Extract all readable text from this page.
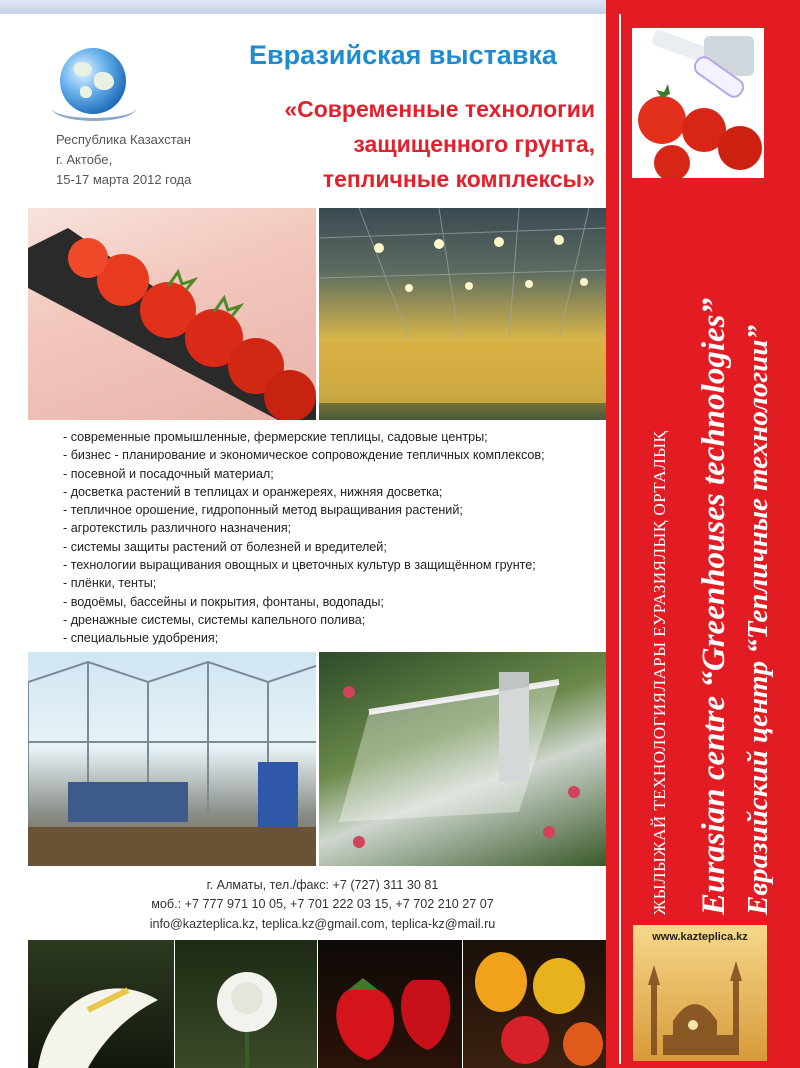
Республика Казахстан
г. Актобе,
15-17 марта 2012 года
Евразийская выставка
«Современные технологии
защищенного грунта,
тепличные комплексы»
- современные промышленные, фермерские теплицы, садовые центры;
- бизнес - планирование и экономическое сопровождение тепличных комплексов;
- посевной и посадочный материал;
- досветка растений в теплицах и оранжереях, нижняя досветка;
- тепличное орошение, гидропонный метод выращивания растений;
- агротекстиль различного назначения;
- системы защиты растений от болезней и вредителей;
- технологии выращивания овощных и цветочных культур в защищённом грунте;
- плёнки, тенты;
- водоёмы, бассейны и покрытия, фонтаны, водопады;
- дренажные системы, системы капельного полива;
- специальные удобрения;
г. Алматы, тел./факс: +7 (727) 311 30 81
моб.: +7 777 971 10 05, +7 701 222 03 15, +7 702 210 27 07
info@kazteplica.kz, teplica.kz@gmail.com, teplica-kz@mail.ru
ЖЫЛЫЖАЙ ТЕХНОЛОГИЯЛАРЫ ЕУРАЗИЯЛЫҚ ОРТАЛЫҚ Eurasian centre “Greenhouses technologies” Евразийский центр “Тепличные технологии”
www.kazteplica.kz
